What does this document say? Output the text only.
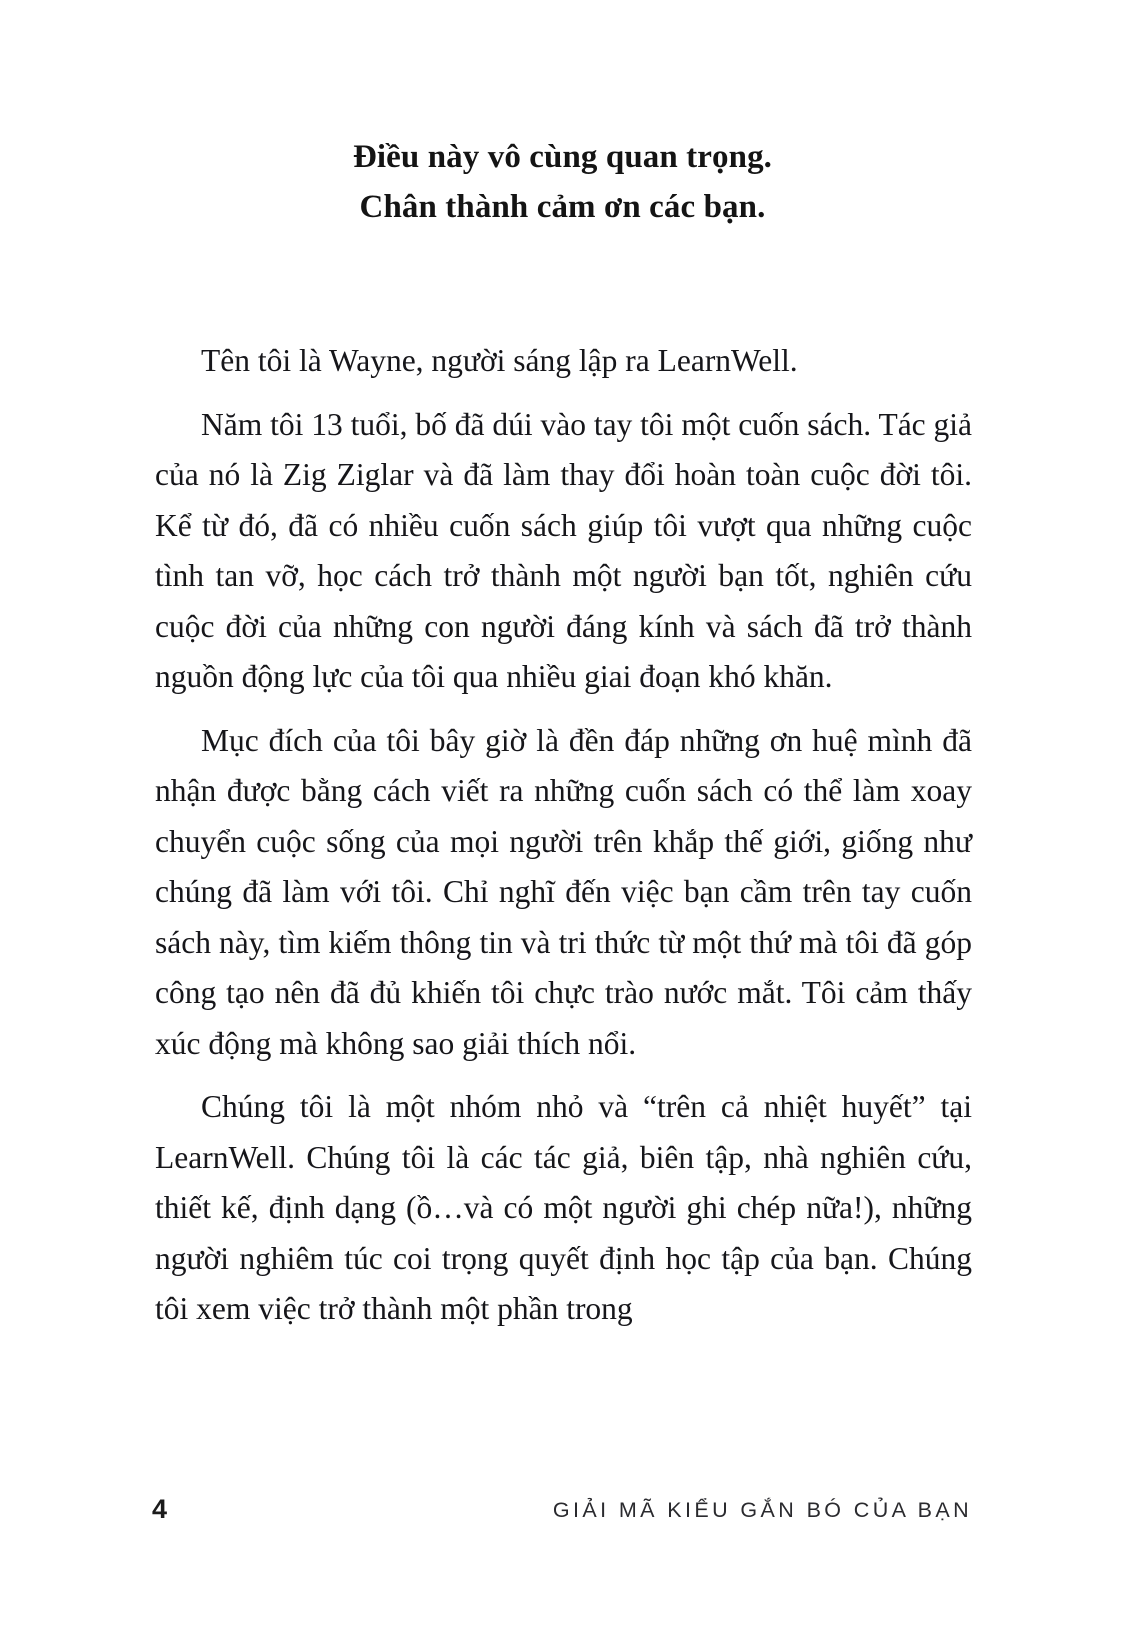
Điều này vô cùng quan trọng.
Chân thành cảm ơn các bạn.

Tên tôi là Wayne, người sáng lập ra LearnWell.

Năm tôi 13 tuổi, bố đã dúi vào tay tôi một cuốn sách. Tác giả của nó là Zig Ziglar và đã làm thay đổi hoàn toàn cuộc đời tôi. Kể từ đó, đã có nhiều cuốn sách giúp tôi vượt qua những cuộc tình tan vỡ, học cách trở thành một người bạn tốt, nghiên cứu cuộc đời của những con người đáng kính và sách đã trở thành nguồn động lực của tôi qua nhiều giai đoạn khó khăn.

Mục đích của tôi bây giờ là đền đáp những ơn huệ mình đã nhận được bằng cách viết ra những cuốn sách có thể làm xoay chuyển cuộc sống của mọi người trên khắp thế giới, giống như chúng đã làm với tôi. Chỉ nghĩ đến việc bạn cầm trên tay cuốn sách này, tìm kiếm thông tin và tri thức từ một thứ mà tôi đã góp công tạo nên đã đủ khiến tôi chực trào nước mắt. Tôi cảm thấy xúc động mà không sao giải thích nổi.

Chúng tôi là một nhóm nhỏ và “trên cả nhiệt huyết” tại LearnWell. Chúng tôi là các tác giả, biên tập, nhà nghiên cứu, thiết kế, định dạng (ồ…và có một người ghi chép nữa!), những người nghiêm túc coi trọng quyết định học tập của bạn. Chúng tôi xem việc trở thành một phần trong

4	GIẢI MÃ KIỂU GẮN BÓ CỦA BẠN
